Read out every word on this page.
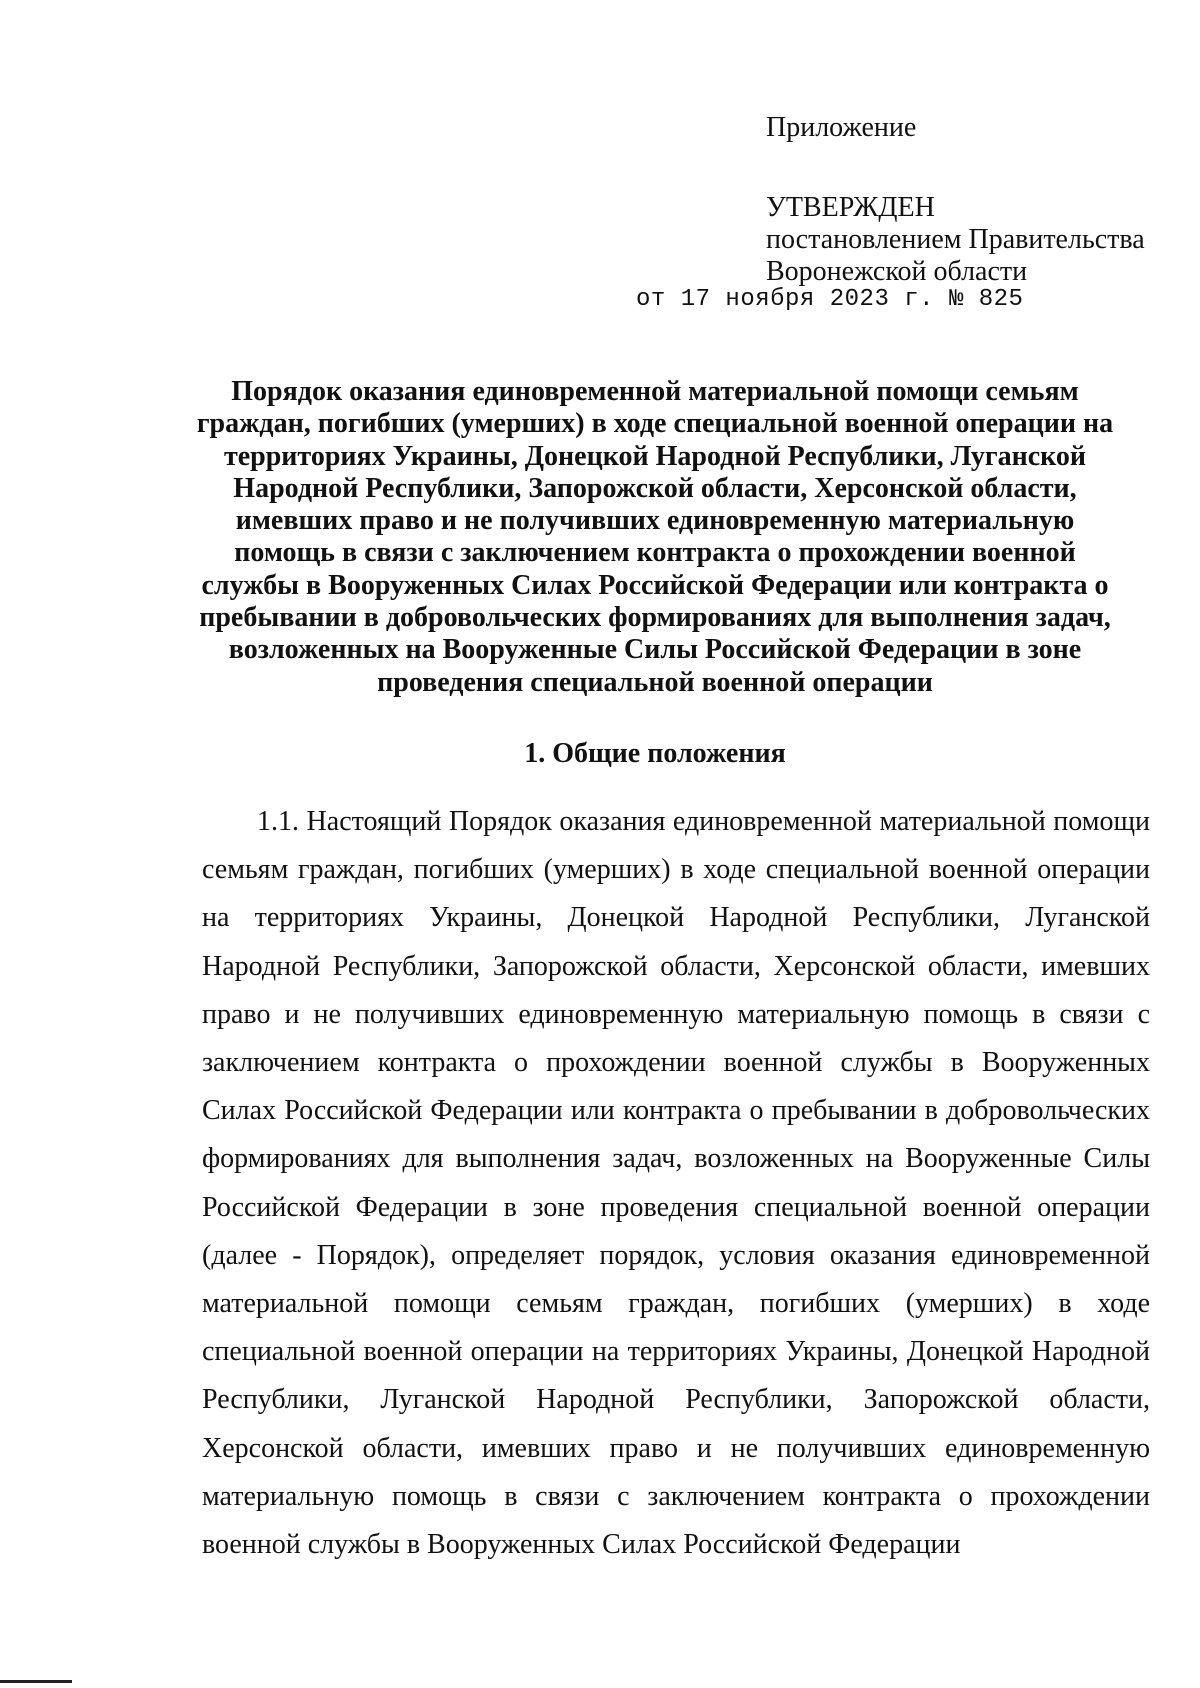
Приложение
УТВЕРЖДЕН
постановлением Правительства
Воронежской области
от 17 ноября 2023 г. № 825
Порядок оказания единовременной материальной помощи семьям граждан, погибших (умерших) в ходе специальной военной операции на территориях Украины, Донецкой Народной Республики, Луганской Народной Республики, Запорожской области, Херсонской области, имевших право и не получивших единовременную материальную помощь в связи с заключением контракта о прохождении военной службы в Вооруженных Силах Российской Федерации или контракта о пребывании в добровольческих формированиях для выполнения задач, возложенных на Вооруженные Силы Российской Федерации в зоне проведения специальной военной операции
1. Общие положения

1.1. Настоящий Порядок оказания единовременной материальной помощи семьям граждан, погибших (умерших) в ходе специальной военной операции на территориях Украины, Донецкой Народной Республики, Луганской Народной Республики, Запорожской области, Херсонской области, имевших право и не получивших единовременную материальную помощь в связи с заключением контракта о прохождении военной службы в Вооруженных Силах Российской Федерации или контракта о пребывании в добровольческих формированиях для выполнения задач, возложенных на Вооруженные Силы Российской Федерации в зоне проведения специальной военной операции (далее - Порядок), определяет порядок, условия оказания единовременной материальной помощи семьям граждан, погибших (умерших) в ходе специальной военной операции на территориях Украины, Донецкой Народной Республики, Луганской Народной Республики, Запорожской области, Херсонской области, имевших право и не получивших единовременную материальную помощь в связи с заключением контракта о прохождении военной службы в Вооруженных Силах Российской Федерации
